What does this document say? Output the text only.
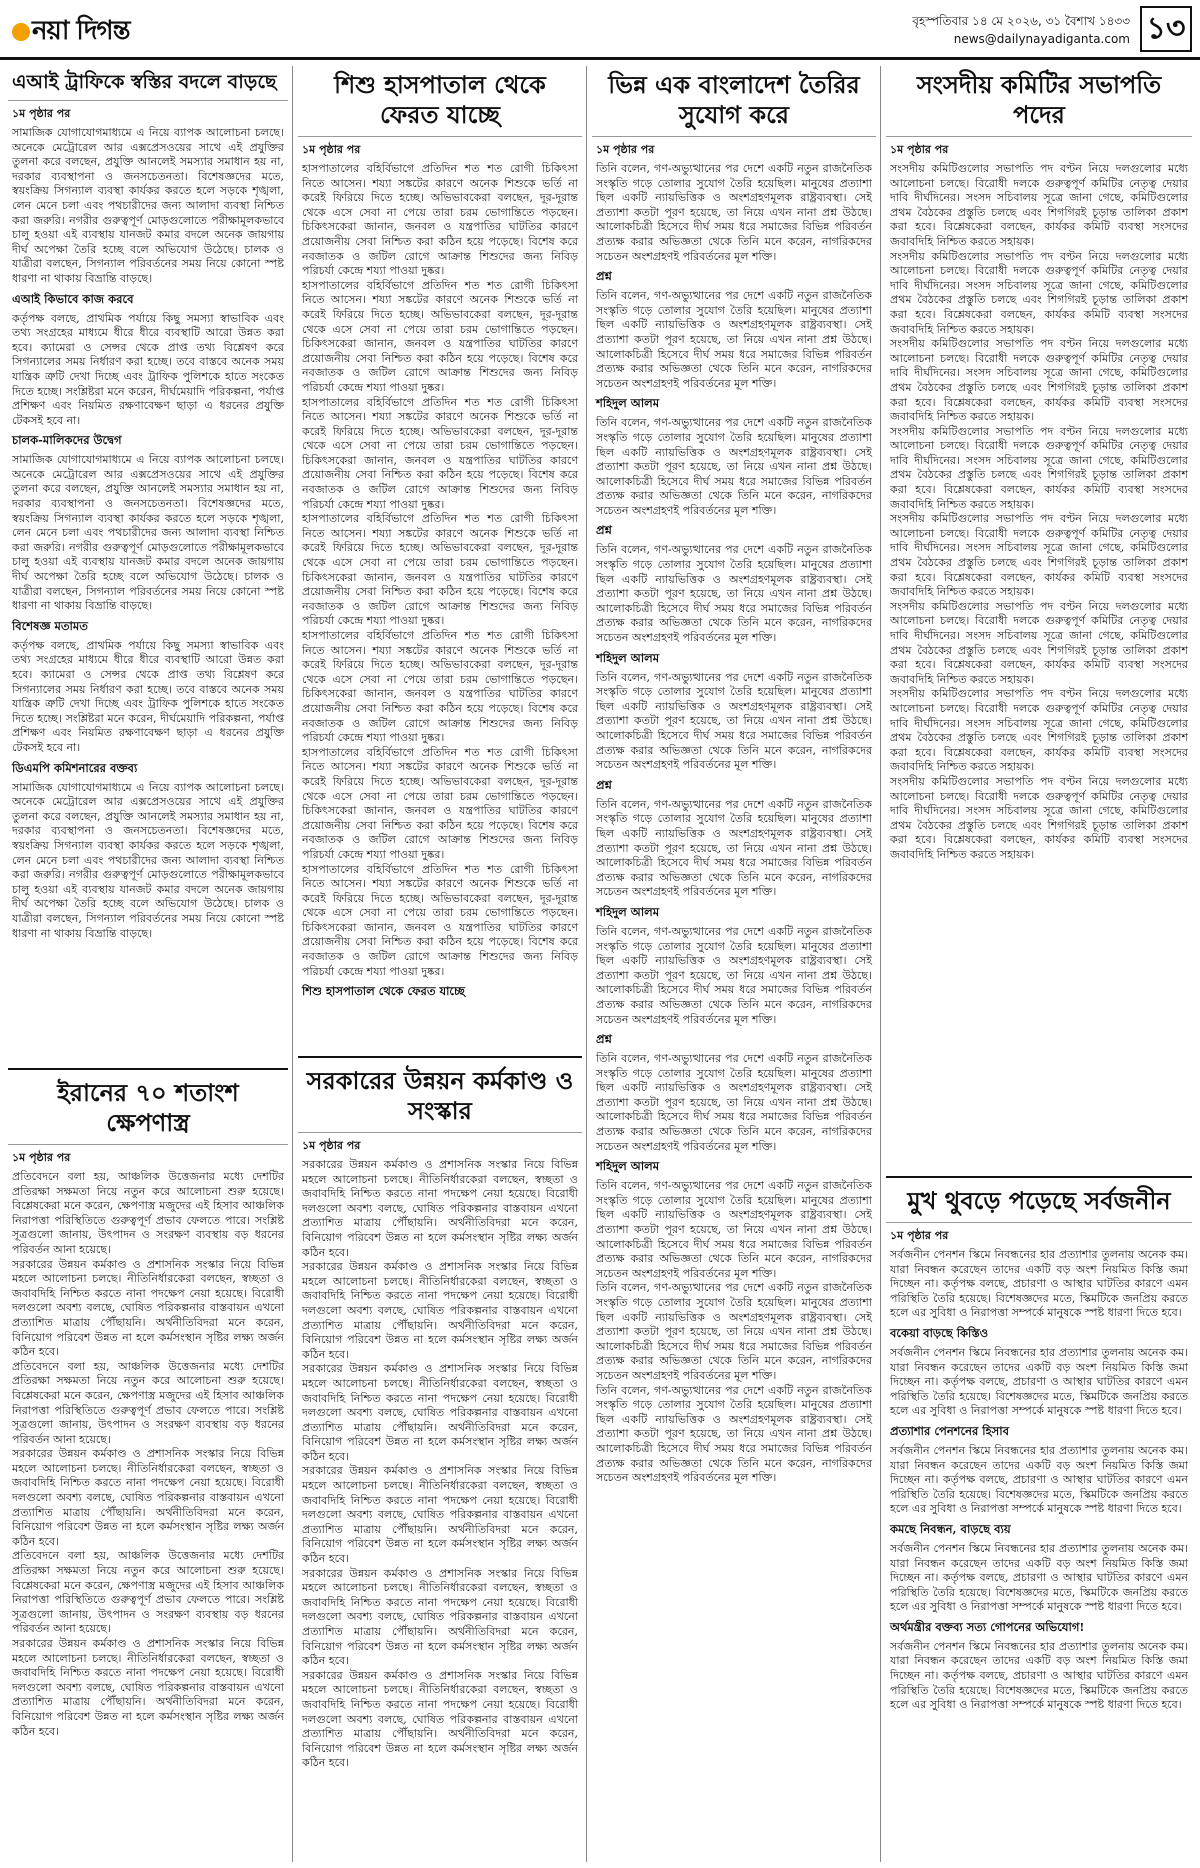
নয়া দিগন্ত	বৃহস্পতিবার ১৪ মে ২০২৬, ৩১ বৈশাখ ১৪৩৩
news@dailynayadiganta.com ১৩
এআই ট্রাফিকে স্বস্তির বদলে বাড়ছে
১ম পৃষ্ঠার পর

সামাজিক যোগাযোগমাধ্যমে এ নিয়ে ব্যাপক আলোচনা চলছে। অনেকে মেট্রোরেল আর এক্সপ্রেসওয়ের সাথে এই প্রযুক্তির তুলনা করে বলছেন, প্রযুক্তি আনলেই সমস্যার সমাধান হয় না, দরকার ব্যবস্থাপনা ও জনসচেতনতা। বিশেষজ্ঞদের মতে, স্বয়ংক্রিয় সিগন্যাল ব্যবস্থা কার্যকর করতে হলে সড়কে শৃঙ্খলা, লেন মেনে চলা এবং পথচারীদের জন্য আলাদা ব্যবস্থা নিশ্চিত করা জরুরি। নগরীর গুরুত্বপূর্ণ মোড়গুলোতে পরীক্ষামূলকভাবে চালু হওয়া এই ব্যবস্থায় যানজট কমার বদলে অনেক জায়গায় দীর্ঘ অপেক্ষা তৈরি হচ্ছে বলে অভিযোগ উঠেছে। চালক ও যাত্রীরা বলছেন, সিগন্যাল পরিবর্তনের সময় নিয়ে কোনো স্পষ্ট ধারণা না থাকায় বিভ্রান্তি বাড়ছে।

এআই কিভাবে কাজ করবে

কর্তৃপক্ষ বলছে, প্রাথমিক পর্যায়ে কিছু সমস্যা স্বাভাবিক এবং তথ্য সংগ্রহের মাধ্যমে ধীরে ধীরে ব্যবস্থাটি আরো উন্নত করা হবে। ক্যামেরা ও সেন্সর থেকে প্রাপ্ত তথ্য বিশ্লেষণ করে সিগন্যালের সময় নির্ধারণ করা হচ্ছে। তবে বাস্তবে অনেক সময় যান্ত্রিক ত্রুটি দেখা দিচ্ছে এবং ট্রাফিক পুলিশকে হাতে সংকেত দিতে হচ্ছে। সংশ্লিষ্টরা মনে করেন, দীর্ঘমেয়াদি পরিকল্পনা, পর্যাপ্ত প্রশিক্ষণ এবং নিয়মিত রক্ষণাবেক্ষণ ছাড়া এ ধরনের প্রযুক্তি টেকসই হবে না।

চালক-মালিকদের উদ্বেগ

সামাজিক যোগাযোগমাধ্যমে এ নিয়ে ব্যাপক আলোচনা চলছে। অনেকে মেট্রোরেল আর এক্সপ্রেসওয়ের সাথে এই প্রযুক্তির তুলনা করে বলছেন, প্রযুক্তি আনলেই সমস্যার সমাধান হয় না, দরকার ব্যবস্থাপনা ও জনসচেতনতা। বিশেষজ্ঞদের মতে, স্বয়ংক্রিয় সিগন্যাল ব্যবস্থা কার্যকর করতে হলে সড়কে শৃঙ্খলা, লেন মেনে চলা এবং পথচারীদের জন্য আলাদা ব্যবস্থা নিশ্চিত করা জরুরি। নগরীর গুরুত্বপূর্ণ মোড়গুলোতে পরীক্ষামূলকভাবে চালু হওয়া এই ব্যবস্থায় যানজট কমার বদলে অনেক জায়গায় দীর্ঘ অপেক্ষা তৈরি হচ্ছে বলে অভিযোগ উঠেছে। চালক ও যাত্রীরা বলছেন, সিগন্যাল পরিবর্তনের সময় নিয়ে কোনো স্পষ্ট ধারণা না থাকায় বিভ্রান্তি বাড়ছে।

বিশেষজ্ঞ মতামত

কর্তৃপক্ষ বলছে, প্রাথমিক পর্যায়ে কিছু সমস্যা স্বাভাবিক এবং তথ্য সংগ্রহের মাধ্যমে ধীরে ধীরে ব্যবস্থাটি আরো উন্নত করা হবে। ক্যামেরা ও সেন্সর থেকে প্রাপ্ত তথ্য বিশ্লেষণ করে সিগন্যালের সময় নির্ধারণ করা হচ্ছে। তবে বাস্তবে অনেক সময় যান্ত্রিক ত্রুটি দেখা দিচ্ছে এবং ট্রাফিক পুলিশকে হাতে সংকেত দিতে হচ্ছে। সংশ্লিষ্টরা মনে করেন, দীর্ঘমেয়াদি পরিকল্পনা, পর্যাপ্ত প্রশিক্ষণ এবং নিয়মিত রক্ষণাবেক্ষণ ছাড়া এ ধরনের প্রযুক্তি টেকসই হবে না।

ডিএমপি কমিশনারের বক্তব্য

সামাজিক যোগাযোগমাধ্যমে এ নিয়ে ব্যাপক আলোচনা চলছে। অনেকে মেট্রোরেল আর এক্সপ্রেসওয়ের সাথে এই প্রযুক্তির তুলনা করে বলছেন, প্রযুক্তি আনলেই সমস্যার সমাধান হয় না, দরকার ব্যবস্থাপনা ও জনসচেতনতা। বিশেষজ্ঞদের মতে, স্বয়ংক্রিয় সিগন্যাল ব্যবস্থা কার্যকর করতে হলে সড়কে শৃঙ্খলা, লেন মেনে চলা এবং পথচারীদের জন্য আলাদা ব্যবস্থা নিশ্চিত করা জরুরি। নগরীর গুরুত্বপূর্ণ মোড়গুলোতে পরীক্ষামূলকভাবে চালু হওয়া এই ব্যবস্থায় যানজট কমার বদলে অনেক জায়গায় দীর্ঘ অপেক্ষা তৈরি হচ্ছে বলে অভিযোগ উঠেছে। চালক ও যাত্রীরা বলছেন, সিগন্যাল পরিবর্তনের সময় নিয়ে কোনো স্পষ্ট ধারণা না থাকায় বিভ্রান্তি বাড়ছে।

ইরানের ৭০ শতাংশ ক্ষেপণাস্ত্র
১ম পৃষ্ঠার পর

প্রতিবেদনে বলা হয়, আঞ্চলিক উত্তেজনার মধ্যে দেশটির প্রতিরক্ষা সক্ষমতা নিয়ে নতুন করে আলোচনা শুরু হয়েছে। বিশ্লেষকেরা মনে করেন, ক্ষেপণাস্ত্র মজুদের এই হিসাব আঞ্চলিক নিরাপত্তা পরিস্থিতিতে গুরুত্বপূর্ণ প্রভাব ফেলতে পারে। সংশ্লিষ্ট সূত্রগুলো জানায়, উৎপাদন ও সংরক্ষণ ব্যবস্থায় বড় ধরনের পরিবর্তন আনা হয়েছে।

সরকারের উন্নয়ন কর্মকাণ্ড ও প্রশাসনিক সংস্কার নিয়ে বিভিন্ন মহলে আলোচনা চলছে। নীতিনির্ধারকেরা বলছেন, স্বচ্ছতা ও জবাবদিহি নিশ্চিত করতে নানা পদক্ষেপ নেয়া হয়েছে। বিরোধী দলগুলো অবশ্য বলছে, ঘোষিত পরিকল্পনার বাস্তবায়ন এখনো প্রত্যাশিত মাত্রায় পৌঁছায়নি। অর্থনীতিবিদরা মনে করেন, বিনিয়োগ পরিবেশ উন্নত না হলে কর্মসংস্থান সৃষ্টির লক্ষ্য অর্জন কঠিন হবে।

প্রতিবেদনে বলা হয়, আঞ্চলিক উত্তেজনার মধ্যে দেশটির প্রতিরক্ষা সক্ষমতা নিয়ে নতুন করে আলোচনা শুরু হয়েছে। বিশ্লেষকেরা মনে করেন, ক্ষেপণাস্ত্র মজুদের এই হিসাব আঞ্চলিক নিরাপত্তা পরিস্থিতিতে গুরুত্বপূর্ণ প্রভাব ফেলতে পারে। সংশ্লিষ্ট সূত্রগুলো জানায়, উৎপাদন ও সংরক্ষণ ব্যবস্থায় বড় ধরনের পরিবর্তন আনা হয়েছে।

সরকারের উন্নয়ন কর্মকাণ্ড ও প্রশাসনিক সংস্কার নিয়ে বিভিন্ন মহলে আলোচনা চলছে। নীতিনির্ধারকেরা বলছেন, স্বচ্ছতা ও জবাবদিহি নিশ্চিত করতে নানা পদক্ষেপ নেয়া হয়েছে। বিরোধী দলগুলো অবশ্য বলছে, ঘোষিত পরিকল্পনার বাস্তবায়ন এখনো প্রত্যাশিত মাত্রায় পৌঁছায়নি। অর্থনীতিবিদরা মনে করেন, বিনিয়োগ পরিবেশ উন্নত না হলে কর্মসংস্থান সৃষ্টির লক্ষ্য অর্জন কঠিন হবে।

প্রতিবেদনে বলা হয়, আঞ্চলিক উত্তেজনার মধ্যে দেশটির প্রতিরক্ষা সক্ষমতা নিয়ে নতুন করে আলোচনা শুরু হয়েছে। বিশ্লেষকেরা মনে করেন, ক্ষেপণাস্ত্র মজুদের এই হিসাব আঞ্চলিক নিরাপত্তা পরিস্থিতিতে গুরুত্বপূর্ণ প্রভাব ফেলতে পারে। সংশ্লিষ্ট সূত্রগুলো জানায়, উৎপাদন ও সংরক্ষণ ব্যবস্থায় বড় ধরনের পরিবর্তন আনা হয়েছে।

সরকারের উন্নয়ন কর্মকাণ্ড ও প্রশাসনিক সংস্কার নিয়ে বিভিন্ন মহলে আলোচনা চলছে। নীতিনির্ধারকেরা বলছেন, স্বচ্ছতা ও জবাবদিহি নিশ্চিত করতে নানা পদক্ষেপ নেয়া হয়েছে। বিরোধী দলগুলো অবশ্য বলছে, ঘোষিত পরিকল্পনার বাস্তবায়ন এখনো প্রত্যাশিত মাত্রায় পৌঁছায়নি। অর্থনীতিবিদরা মনে করেন, বিনিয়োগ পরিবেশ উন্নত না হলে কর্মসংস্থান সৃষ্টির লক্ষ্য অর্জন কঠিন হবে।

শিশু হাসপাতাল থেকে ফেরত যাচ্ছে
১ম পৃষ্ঠার পর

হাসপাতালের বহির্বিভাগে প্রতিদিন শত শত রোগী চিকিৎসা নিতে আসেন। শয্যা সঙ্কটের কারণে অনেক শিশুকে ভর্তি না করেই ফিরিয়ে দিতে হচ্ছে। অভিভাবকেরা বলছেন, দূর-দূরান্ত থেকে এসে সেবা না পেয়ে তারা চরম ভোগান্তিতে পড়ছেন। চিকিৎসকেরা জানান, জনবল ও যন্ত্রপাতির ঘাটতির কারণে প্রয়োজনীয় সেবা নিশ্চিত করা কঠিন হয়ে পড়েছে। বিশেষ করে নবজাতক ও জটিল রোগে আক্রান্ত শিশুদের জন্য নিবিড় পরিচর্যা কেন্দ্রে শয্যা পাওয়া দুষ্কর।

হাসপাতালের বহির্বিভাগে প্রতিদিন শত শত রোগী চিকিৎসা নিতে আসেন। শয্যা সঙ্কটের কারণে অনেক শিশুকে ভর্তি না করেই ফিরিয়ে দিতে হচ্ছে। অভিভাবকেরা বলছেন, দূর-দূরান্ত থেকে এসে সেবা না পেয়ে তারা চরম ভোগান্তিতে পড়ছেন। চিকিৎসকেরা জানান, জনবল ও যন্ত্রপাতির ঘাটতির কারণে প্রয়োজনীয় সেবা নিশ্চিত করা কঠিন হয়ে পড়েছে। বিশেষ করে নবজাতক ও জটিল রোগে আক্রান্ত শিশুদের জন্য নিবিড় পরিচর্যা কেন্দ্রে শয্যা পাওয়া দুষ্কর।

হাসপাতালের বহির্বিভাগে প্রতিদিন শত শত রোগী চিকিৎসা নিতে আসেন। শয্যা সঙ্কটের কারণে অনেক শিশুকে ভর্তি না করেই ফিরিয়ে দিতে হচ্ছে। অভিভাবকেরা বলছেন, দূর-দূরান্ত থেকে এসে সেবা না পেয়ে তারা চরম ভোগান্তিতে পড়ছেন। চিকিৎসকেরা জানান, জনবল ও যন্ত্রপাতির ঘাটতির কারণে প্রয়োজনীয় সেবা নিশ্চিত করা কঠিন হয়ে পড়েছে। বিশেষ করে নবজাতক ও জটিল রোগে আক্রান্ত শিশুদের জন্য নিবিড় পরিচর্যা কেন্দ্রে শয্যা পাওয়া দুষ্কর।

হাসপাতালের বহির্বিভাগে প্রতিদিন শত শত রোগী চিকিৎসা নিতে আসেন। শয্যা সঙ্কটের কারণে অনেক শিশুকে ভর্তি না করেই ফিরিয়ে দিতে হচ্ছে। অভিভাবকেরা বলছেন, দূর-দূরান্ত থেকে এসে সেবা না পেয়ে তারা চরম ভোগান্তিতে পড়ছেন। চিকিৎসকেরা জানান, জনবল ও যন্ত্রপাতির ঘাটতির কারণে প্রয়োজনীয় সেবা নিশ্চিত করা কঠিন হয়ে পড়েছে। বিশেষ করে নবজাতক ও জটিল রোগে আক্রান্ত শিশুদের জন্য নিবিড় পরিচর্যা কেন্দ্রে শয্যা পাওয়া দুষ্কর।

হাসপাতালের বহির্বিভাগে প্রতিদিন শত শত রোগী চিকিৎসা নিতে আসেন। শয্যা সঙ্কটের কারণে অনেক শিশুকে ভর্তি না করেই ফিরিয়ে দিতে হচ্ছে। অভিভাবকেরা বলছেন, দূর-দূরান্ত থেকে এসে সেবা না পেয়ে তারা চরম ভোগান্তিতে পড়ছেন। চিকিৎসকেরা জানান, জনবল ও যন্ত্রপাতির ঘাটতির কারণে প্রয়োজনীয় সেবা নিশ্চিত করা কঠিন হয়ে পড়েছে। বিশেষ করে নবজাতক ও জটিল রোগে আক্রান্ত শিশুদের জন্য নিবিড় পরিচর্যা কেন্দ্রে শয্যা পাওয়া দুষ্কর।

হাসপাতালের বহির্বিভাগে প্রতিদিন শত শত রোগী চিকিৎসা নিতে আসেন। শয্যা সঙ্কটের কারণে অনেক শিশুকে ভর্তি না করেই ফিরিয়ে দিতে হচ্ছে। অভিভাবকেরা বলছেন, দূর-দূরান্ত থেকে এসে সেবা না পেয়ে তারা চরম ভোগান্তিতে পড়ছেন। চিকিৎসকেরা জানান, জনবল ও যন্ত্রপাতির ঘাটতির কারণে প্রয়োজনীয় সেবা নিশ্চিত করা কঠিন হয়ে পড়েছে। বিশেষ করে নবজাতক ও জটিল রোগে আক্রান্ত শিশুদের জন্য নিবিড় পরিচর্যা কেন্দ্রে শয্যা পাওয়া দুষ্কর।

হাসপাতালের বহির্বিভাগে প্রতিদিন শত শত রোগী চিকিৎসা নিতে আসেন। শয্যা সঙ্কটের কারণে অনেক শিশুকে ভর্তি না করেই ফিরিয়ে দিতে হচ্ছে। অভিভাবকেরা বলছেন, দূর-দূরান্ত থেকে এসে সেবা না পেয়ে তারা চরম ভোগান্তিতে পড়ছেন। চিকিৎসকেরা জানান, জনবল ও যন্ত্রপাতির ঘাটতির কারণে প্রয়োজনীয় সেবা নিশ্চিত করা কঠিন হয়ে পড়েছে। বিশেষ করে নবজাতক ও জটিল রোগে আক্রান্ত শিশুদের জন্য নিবিড় পরিচর্যা কেন্দ্রে শয্যা পাওয়া দুষ্কর।

শিশু হাসপাতাল থেকে ফেরত যাচ্ছে
সরকারের উন্নয়ন কর্মকাণ্ড ও সংস্কার
১ম পৃষ্ঠার পর

সরকারের উন্নয়ন কর্মকাণ্ড ও প্রশাসনিক সংস্কার নিয়ে বিভিন্ন মহলে আলোচনা চলছে। নীতিনির্ধারকেরা বলছেন, স্বচ্ছতা ও জবাবদিহি নিশ্চিত করতে নানা পদক্ষেপ নেয়া হয়েছে। বিরোধী দলগুলো অবশ্য বলছে, ঘোষিত পরিকল্পনার বাস্তবায়ন এখনো প্রত্যাশিত মাত্রায় পৌঁছায়নি। অর্থনীতিবিদরা মনে করেন, বিনিয়োগ পরিবেশ উন্নত না হলে কর্মসংস্থান সৃষ্টির লক্ষ্য অর্জন কঠিন হবে।

সরকারের উন্নয়ন কর্মকাণ্ড ও প্রশাসনিক সংস্কার নিয়ে বিভিন্ন মহলে আলোচনা চলছে। নীতিনির্ধারকেরা বলছেন, স্বচ্ছতা ও জবাবদিহি নিশ্চিত করতে নানা পদক্ষেপ নেয়া হয়েছে। বিরোধী দলগুলো অবশ্য বলছে, ঘোষিত পরিকল্পনার বাস্তবায়ন এখনো প্রত্যাশিত মাত্রায় পৌঁছায়নি। অর্থনীতিবিদরা মনে করেন, বিনিয়োগ পরিবেশ উন্নত না হলে কর্মসংস্থান সৃষ্টির লক্ষ্য অর্জন কঠিন হবে।

সরকারের উন্নয়ন কর্মকাণ্ড ও প্রশাসনিক সংস্কার নিয়ে বিভিন্ন মহলে আলোচনা চলছে। নীতিনির্ধারকেরা বলছেন, স্বচ্ছতা ও জবাবদিহি নিশ্চিত করতে নানা পদক্ষেপ নেয়া হয়েছে। বিরোধী দলগুলো অবশ্য বলছে, ঘোষিত পরিকল্পনার বাস্তবায়ন এখনো প্রত্যাশিত মাত্রায় পৌঁছায়নি। অর্থনীতিবিদরা মনে করেন, বিনিয়োগ পরিবেশ উন্নত না হলে কর্মসংস্থান সৃষ্টির লক্ষ্য অর্জন কঠিন হবে।

সরকারের উন্নয়ন কর্মকাণ্ড ও প্রশাসনিক সংস্কার নিয়ে বিভিন্ন মহলে আলোচনা চলছে। নীতিনির্ধারকেরা বলছেন, স্বচ্ছতা ও জবাবদিহি নিশ্চিত করতে নানা পদক্ষেপ নেয়া হয়েছে। বিরোধী দলগুলো অবশ্য বলছে, ঘোষিত পরিকল্পনার বাস্তবায়ন এখনো প্রত্যাশিত মাত্রায় পৌঁছায়নি। অর্থনীতিবিদরা মনে করেন, বিনিয়োগ পরিবেশ উন্নত না হলে কর্মসংস্থান সৃষ্টির লক্ষ্য অর্জন কঠিন হবে।

সরকারের উন্নয়ন কর্মকাণ্ড ও প্রশাসনিক সংস্কার নিয়ে বিভিন্ন মহলে আলোচনা চলছে। নীতিনির্ধারকেরা বলছেন, স্বচ্ছতা ও জবাবদিহি নিশ্চিত করতে নানা পদক্ষেপ নেয়া হয়েছে। বিরোধী দলগুলো অবশ্য বলছে, ঘোষিত পরিকল্পনার বাস্তবায়ন এখনো প্রত্যাশিত মাত্রায় পৌঁছায়নি। অর্থনীতিবিদরা মনে করেন, বিনিয়োগ পরিবেশ উন্নত না হলে কর্মসংস্থান সৃষ্টির লক্ষ্য অর্জন কঠিন হবে।

সরকারের উন্নয়ন কর্মকাণ্ড ও প্রশাসনিক সংস্কার নিয়ে বিভিন্ন মহলে আলোচনা চলছে। নীতিনির্ধারকেরা বলছেন, স্বচ্ছতা ও জবাবদিহি নিশ্চিত করতে নানা পদক্ষেপ নেয়া হয়েছে। বিরোধী দলগুলো অবশ্য বলছে, ঘোষিত পরিকল্পনার বাস্তবায়ন এখনো প্রত্যাশিত মাত্রায় পৌঁছায়নি। অর্থনীতিবিদরা মনে করেন, বিনিয়োগ পরিবেশ উন্নত না হলে কর্মসংস্থান সৃষ্টির লক্ষ্য অর্জন কঠিন হবে।

ভিন্ন এক বাংলাদেশ তৈরির সুযোগ করে
১ম পৃষ্ঠার পর

তিনি বলেন, গণ-অভ্যুত্থানের পর দেশে একটি নতুন রাজনৈতিক সংস্কৃতি গড়ে তোলার সুযোগ তৈরি হয়েছিল। মানুষের প্রত্যাশা ছিল একটি ন্যায়ভিত্তিক ও অংশগ্রহণমূলক রাষ্ট্রব্যবস্থা। সেই প্রত্যাশা কতটা পূরণ হয়েছে, তা নিয়ে এখন নানা প্রশ্ন উঠছে। আলোকচিত্রী হিসেবে দীর্ঘ সময় ধরে সমাজের বিভিন্ন পরিবর্তন প্রত্যক্ষ করার অভিজ্ঞতা থেকে তিনি মনে করেন, নাগরিকদের সচেতন অংশগ্রহণই পরিবর্তনের মূল শক্তি।

প্রশ্ন

তিনি বলেন, গণ-অভ্যুত্থানের পর দেশে একটি নতুন রাজনৈতিক সংস্কৃতি গড়ে তোলার সুযোগ তৈরি হয়েছিল। মানুষের প্রত্যাশা ছিল একটি ন্যায়ভিত্তিক ও অংশগ্রহণমূলক রাষ্ট্রব্যবস্থা। সেই প্রত্যাশা কতটা পূরণ হয়েছে, তা নিয়ে এখন নানা প্রশ্ন উঠছে। আলোকচিত্রী হিসেবে দীর্ঘ সময় ধরে সমাজের বিভিন্ন পরিবর্তন প্রত্যক্ষ করার অভিজ্ঞতা থেকে তিনি মনে করেন, নাগরিকদের সচেতন অংশগ্রহণই পরিবর্তনের মূল শক্তি।

শহিদুল আলম

তিনি বলেন, গণ-অভ্যুত্থানের পর দেশে একটি নতুন রাজনৈতিক সংস্কৃতি গড়ে তোলার সুযোগ তৈরি হয়েছিল। মানুষের প্রত্যাশা ছিল একটি ন্যায়ভিত্তিক ও অংশগ্রহণমূলক রাষ্ট্রব্যবস্থা। সেই প্রত্যাশা কতটা পূরণ হয়েছে, তা নিয়ে এখন নানা প্রশ্ন উঠছে। আলোকচিত্রী হিসেবে দীর্ঘ সময় ধরে সমাজের বিভিন্ন পরিবর্তন প্রত্যক্ষ করার অভিজ্ঞতা থেকে তিনি মনে করেন, নাগরিকদের সচেতন অংশগ্রহণই পরিবর্তনের মূল শক্তি।

প্রশ্ন

তিনি বলেন, গণ-অভ্যুত্থানের পর দেশে একটি নতুন রাজনৈতিক সংস্কৃতি গড়ে তোলার সুযোগ তৈরি হয়েছিল। মানুষের প্রত্যাশা ছিল একটি ন্যায়ভিত্তিক ও অংশগ্রহণমূলক রাষ্ট্রব্যবস্থা। সেই প্রত্যাশা কতটা পূরণ হয়েছে, তা নিয়ে এখন নানা প্রশ্ন উঠছে। আলোকচিত্রী হিসেবে দীর্ঘ সময় ধরে সমাজের বিভিন্ন পরিবর্তন প্রত্যক্ষ করার অভিজ্ঞতা থেকে তিনি মনে করেন, নাগরিকদের সচেতন অংশগ্রহণই পরিবর্তনের মূল শক্তি।

শহিদুল আলম

তিনি বলেন, গণ-অভ্যুত্থানের পর দেশে একটি নতুন রাজনৈতিক সংস্কৃতি গড়ে তোলার সুযোগ তৈরি হয়েছিল। মানুষের প্রত্যাশা ছিল একটি ন্যায়ভিত্তিক ও অংশগ্রহণমূলক রাষ্ট্রব্যবস্থা। সেই প্রত্যাশা কতটা পূরণ হয়েছে, তা নিয়ে এখন নানা প্রশ্ন উঠছে। আলোকচিত্রী হিসেবে দীর্ঘ সময় ধরে সমাজের বিভিন্ন পরিবর্তন প্রত্যক্ষ করার অভিজ্ঞতা থেকে তিনি মনে করেন, নাগরিকদের সচেতন অংশগ্রহণই পরিবর্তনের মূল শক্তি।

প্রশ্ন

তিনি বলেন, গণ-অভ্যুত্থানের পর দেশে একটি নতুন রাজনৈতিক সংস্কৃতি গড়ে তোলার সুযোগ তৈরি হয়েছিল। মানুষের প্রত্যাশা ছিল একটি ন্যায়ভিত্তিক ও অংশগ্রহণমূলক রাষ্ট্রব্যবস্থা। সেই প্রত্যাশা কতটা পূরণ হয়েছে, তা নিয়ে এখন নানা প্রশ্ন উঠছে। আলোকচিত্রী হিসেবে দীর্ঘ সময় ধরে সমাজের বিভিন্ন পরিবর্তন প্রত্যক্ষ করার অভিজ্ঞতা থেকে তিনি মনে করেন, নাগরিকদের সচেতন অংশগ্রহণই পরিবর্তনের মূল শক্তি।

শহিদুল আলম

তিনি বলেন, গণ-অভ্যুত্থানের পর দেশে একটি নতুন রাজনৈতিক সংস্কৃতি গড়ে তোলার সুযোগ তৈরি হয়েছিল। মানুষের প্রত্যাশা ছিল একটি ন্যায়ভিত্তিক ও অংশগ্রহণমূলক রাষ্ট্রব্যবস্থা। সেই প্রত্যাশা কতটা পূরণ হয়েছে, তা নিয়ে এখন নানা প্রশ্ন উঠছে। আলোকচিত্রী হিসেবে দীর্ঘ সময় ধরে সমাজের বিভিন্ন পরিবর্তন প্রত্যক্ষ করার অভিজ্ঞতা থেকে তিনি মনে করেন, নাগরিকদের সচেতন অংশগ্রহণই পরিবর্তনের মূল শক্তি।

প্রশ্ন

তিনি বলেন, গণ-অভ্যুত্থানের পর দেশে একটি নতুন রাজনৈতিক সংস্কৃতি গড়ে তোলার সুযোগ তৈরি হয়েছিল। মানুষের প্রত্যাশা ছিল একটি ন্যায়ভিত্তিক ও অংশগ্রহণমূলক রাষ্ট্রব্যবস্থা। সেই প্রত্যাশা কতটা পূরণ হয়েছে, তা নিয়ে এখন নানা প্রশ্ন উঠছে। আলোকচিত্রী হিসেবে দীর্ঘ সময় ধরে সমাজের বিভিন্ন পরিবর্তন প্রত্যক্ষ করার অভিজ্ঞতা থেকে তিনি মনে করেন, নাগরিকদের সচেতন অংশগ্রহণই পরিবর্তনের মূল শক্তি।

শহিদুল আলম

তিনি বলেন, গণ-অভ্যুত্থানের পর দেশে একটি নতুন রাজনৈতিক সংস্কৃতি গড়ে তোলার সুযোগ তৈরি হয়েছিল। মানুষের প্রত্যাশা ছিল একটি ন্যায়ভিত্তিক ও অংশগ্রহণমূলক রাষ্ট্রব্যবস্থা। সেই প্রত্যাশা কতটা পূরণ হয়েছে, তা নিয়ে এখন নানা প্রশ্ন উঠছে। আলোকচিত্রী হিসেবে দীর্ঘ সময় ধরে সমাজের বিভিন্ন পরিবর্তন প্রত্যক্ষ করার অভিজ্ঞতা থেকে তিনি মনে করেন, নাগরিকদের সচেতন অংশগ্রহণই পরিবর্তনের মূল শক্তি।

তিনি বলেন, গণ-অভ্যুত্থানের পর দেশে একটি নতুন রাজনৈতিক সংস্কৃতি গড়ে তোলার সুযোগ তৈরি হয়েছিল। মানুষের প্রত্যাশা ছিল একটি ন্যায়ভিত্তিক ও অংশগ্রহণমূলক রাষ্ট্রব্যবস্থা। সেই প্রত্যাশা কতটা পূরণ হয়েছে, তা নিয়ে এখন নানা প্রশ্ন উঠছে। আলোকচিত্রী হিসেবে দীর্ঘ সময় ধরে সমাজের বিভিন্ন পরিবর্তন প্রত্যক্ষ করার অভিজ্ঞতা থেকে তিনি মনে করেন, নাগরিকদের সচেতন অংশগ্রহণই পরিবর্তনের মূল শক্তি।

তিনি বলেন, গণ-অভ্যুত্থানের পর দেশে একটি নতুন রাজনৈতিক সংস্কৃতি গড়ে তোলার সুযোগ তৈরি হয়েছিল। মানুষের প্রত্যাশা ছিল একটি ন্যায়ভিত্তিক ও অংশগ্রহণমূলক রাষ্ট্রব্যবস্থা। সেই প্রত্যাশা কতটা পূরণ হয়েছে, তা নিয়ে এখন নানা প্রশ্ন উঠছে। আলোকচিত্রী হিসেবে দীর্ঘ সময় ধরে সমাজের বিভিন্ন পরিবর্তন প্রত্যক্ষ করার অভিজ্ঞতা থেকে তিনি মনে করেন, নাগরিকদের সচেতন অংশগ্রহণই পরিবর্তনের মূল শক্তি।

সংসদীয় কমিটির সভাপতি পদের
১ম পৃষ্ঠার পর

সংসদীয় কমিটিগুলোর সভাপতি পদ বণ্টন নিয়ে দলগুলোর মধ্যে আলোচনা চলছে। বিরোধী দলকে গুরুত্বপূর্ণ কমিটির নেতৃত্ব দেয়ার দাবি দীর্ঘদিনের। সংসদ সচিবালয় সূত্রে জানা গেছে, কমিটিগুলোর প্রথম বৈঠকের প্রস্তুতি চলছে এবং শিগগিরই চূড়ান্ত তালিকা প্রকাশ করা হবে। বিশ্লেষকেরা বলছেন, কার্যকর কমিটি ব্যবস্থা সংসদের জবাবদিহি নিশ্চিত করতে সহায়ক।

সংসদীয় কমিটিগুলোর সভাপতি পদ বণ্টন নিয়ে দলগুলোর মধ্যে আলোচনা চলছে। বিরোধী দলকে গুরুত্বপূর্ণ কমিটির নেতৃত্ব দেয়ার দাবি দীর্ঘদিনের। সংসদ সচিবালয় সূত্রে জানা গেছে, কমিটিগুলোর প্রথম বৈঠকের প্রস্তুতি চলছে এবং শিগগিরই চূড়ান্ত তালিকা প্রকাশ করা হবে। বিশ্লেষকেরা বলছেন, কার্যকর কমিটি ব্যবস্থা সংসদের জবাবদিহি নিশ্চিত করতে সহায়ক।

সংসদীয় কমিটিগুলোর সভাপতি পদ বণ্টন নিয়ে দলগুলোর মধ্যে আলোচনা চলছে। বিরোধী দলকে গুরুত্বপূর্ণ কমিটির নেতৃত্ব দেয়ার দাবি দীর্ঘদিনের। সংসদ সচিবালয় সূত্রে জানা গেছে, কমিটিগুলোর প্রথম বৈঠকের প্রস্তুতি চলছে এবং শিগগিরই চূড়ান্ত তালিকা প্রকাশ করা হবে। বিশ্লেষকেরা বলছেন, কার্যকর কমিটি ব্যবস্থা সংসদের জবাবদিহি নিশ্চিত করতে সহায়ক।

সংসদীয় কমিটিগুলোর সভাপতি পদ বণ্টন নিয়ে দলগুলোর মধ্যে আলোচনা চলছে। বিরোধী দলকে গুরুত্বপূর্ণ কমিটির নেতৃত্ব দেয়ার দাবি দীর্ঘদিনের। সংসদ সচিবালয় সূত্রে জানা গেছে, কমিটিগুলোর প্রথম বৈঠকের প্রস্তুতি চলছে এবং শিগগিরই চূড়ান্ত তালিকা প্রকাশ করা হবে। বিশ্লেষকেরা বলছেন, কার্যকর কমিটি ব্যবস্থা সংসদের জবাবদিহি নিশ্চিত করতে সহায়ক।

সংসদীয় কমিটিগুলোর সভাপতি পদ বণ্টন নিয়ে দলগুলোর মধ্যে আলোচনা চলছে। বিরোধী দলকে গুরুত্বপূর্ণ কমিটির নেতৃত্ব দেয়ার দাবি দীর্ঘদিনের। সংসদ সচিবালয় সূত্রে জানা গেছে, কমিটিগুলোর প্রথম বৈঠকের প্রস্তুতি চলছে এবং শিগগিরই চূড়ান্ত তালিকা প্রকাশ করা হবে। বিশ্লেষকেরা বলছেন, কার্যকর কমিটি ব্যবস্থা সংসদের জবাবদিহি নিশ্চিত করতে সহায়ক।

সংসদীয় কমিটিগুলোর সভাপতি পদ বণ্টন নিয়ে দলগুলোর মধ্যে আলোচনা চলছে। বিরোধী দলকে গুরুত্বপূর্ণ কমিটির নেতৃত্ব দেয়ার দাবি দীর্ঘদিনের। সংসদ সচিবালয় সূত্রে জানা গেছে, কমিটিগুলোর প্রথম বৈঠকের প্রস্তুতি চলছে এবং শিগগিরই চূড়ান্ত তালিকা প্রকাশ করা হবে। বিশ্লেষকেরা বলছেন, কার্যকর কমিটি ব্যবস্থা সংসদের জবাবদিহি নিশ্চিত করতে সহায়ক।

সংসদীয় কমিটিগুলোর সভাপতি পদ বণ্টন নিয়ে দলগুলোর মধ্যে আলোচনা চলছে। বিরোধী দলকে গুরুত্বপূর্ণ কমিটির নেতৃত্ব দেয়ার দাবি দীর্ঘদিনের। সংসদ সচিবালয় সূত্রে জানা গেছে, কমিটিগুলোর প্রথম বৈঠকের প্রস্তুতি চলছে এবং শিগগিরই চূড়ান্ত তালিকা প্রকাশ করা হবে। বিশ্লেষকেরা বলছেন, কার্যকর কমিটি ব্যবস্থা সংসদের জবাবদিহি নিশ্চিত করতে সহায়ক।

সংসদীয় কমিটিগুলোর সভাপতি পদ বণ্টন নিয়ে দলগুলোর মধ্যে আলোচনা চলছে। বিরোধী দলকে গুরুত্বপূর্ণ কমিটির নেতৃত্ব দেয়ার দাবি দীর্ঘদিনের। সংসদ সচিবালয় সূত্রে জানা গেছে, কমিটিগুলোর প্রথম বৈঠকের প্রস্তুতি চলছে এবং শিগগিরই চূড়ান্ত তালিকা প্রকাশ করা হবে। বিশ্লেষকেরা বলছেন, কার্যকর কমিটি ব্যবস্থা সংসদের জবাবদিহি নিশ্চিত করতে সহায়ক।

মুখ থুবড়ে পড়েছে সর্বজনীন
১ম পৃষ্ঠার পর

সর্বজনীন পেনশন স্কিমে নিবন্ধনের হার প্রত্যাশার তুলনায় অনেক কম। যারা নিবন্ধন করেছেন তাদের একটি বড় অংশ নিয়মিত কিস্তি জমা দিচ্ছেন না। কর্তৃপক্ষ বলছে, প্রচারণা ও আস্থার ঘাটতির কারণে এমন পরিস্থিতি তৈরি হয়েছে। বিশেষজ্ঞদের মতে, স্কিমটিকে জনপ্রিয় করতে হলে এর সুবিধা ও নিরাপত্তা সম্পর্কে মানুষকে স্পষ্ট ধারণা দিতে হবে।

বকেয়া বাড়ছে কিস্তিও

সর্বজনীন পেনশন স্কিমে নিবন্ধনের হার প্রত্যাশার তুলনায় অনেক কম। যারা নিবন্ধন করেছেন তাদের একটি বড় অংশ নিয়মিত কিস্তি জমা দিচ্ছেন না। কর্তৃপক্ষ বলছে, প্রচারণা ও আস্থার ঘাটতির কারণে এমন পরিস্থিতি তৈরি হয়েছে। বিশেষজ্ঞদের মতে, স্কিমটিকে জনপ্রিয় করতে হলে এর সুবিধা ও নিরাপত্তা সম্পর্কে মানুষকে স্পষ্ট ধারণা দিতে হবে।

প্রত্যাশার পেনশনের হিসাব

সর্বজনীন পেনশন স্কিমে নিবন্ধনের হার প্রত্যাশার তুলনায় অনেক কম। যারা নিবন্ধন করেছেন তাদের একটি বড় অংশ নিয়মিত কিস্তি জমা দিচ্ছেন না। কর্তৃপক্ষ বলছে, প্রচারণা ও আস্থার ঘাটতির কারণে এমন পরিস্থিতি তৈরি হয়েছে। বিশেষজ্ঞদের মতে, স্কিমটিকে জনপ্রিয় করতে হলে এর সুবিধা ও নিরাপত্তা সম্পর্কে মানুষকে স্পষ্ট ধারণা দিতে হবে।

কমছে নিবন্ধন, বাড়ছে ব্যয়

সর্বজনীন পেনশন স্কিমে নিবন্ধনের হার প্রত্যাশার তুলনায় অনেক কম। যারা নিবন্ধন করেছেন তাদের একটি বড় অংশ নিয়মিত কিস্তি জমা দিচ্ছেন না। কর্তৃপক্ষ বলছে, প্রচারণা ও আস্থার ঘাটতির কারণে এমন পরিস্থিতি তৈরি হয়েছে। বিশেষজ্ঞদের মতে, স্কিমটিকে জনপ্রিয় করতে হলে এর সুবিধা ও নিরাপত্তা সম্পর্কে মানুষকে স্পষ্ট ধারণা দিতে হবে।

অর্থমন্ত্রীর বক্তব্য সত্য গোপনের অভিযোগ!

সর্বজনীন পেনশন স্কিমে নিবন্ধনের হার প্রত্যাশার তুলনায় অনেক কম। যারা নিবন্ধন করেছেন তাদের একটি বড় অংশ নিয়মিত কিস্তি জমা দিচ্ছেন না। কর্তৃপক্ষ বলছে, প্রচারণা ও আস্থার ঘাটতির কারণে এমন পরিস্থিতি তৈরি হয়েছে। বিশেষজ্ঞদের মতে, স্কিমটিকে জনপ্রিয় করতে হলে এর সুবিধা ও নিরাপত্তা সম্পর্কে মানুষকে স্পষ্ট ধারণা দিতে হবে।
